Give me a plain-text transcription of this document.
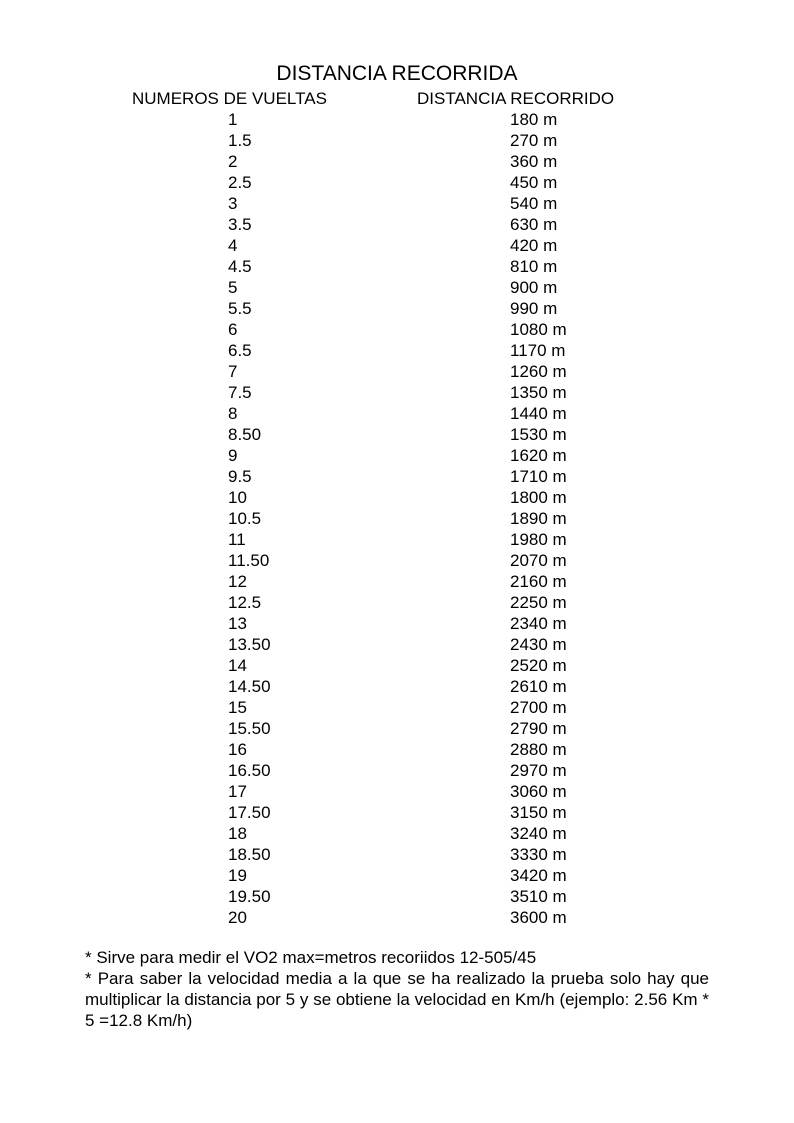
DISTANCIA RECORRIDA
NUMEROS DE VUELTAS	DISTANCIA RECORRIDO
1	180 m
1.5	270 m
2	360 m
2.5	450 m
3	540 m
3.5	630 m
4	420 m
4.5	810 m
5	900 m
5.5	990 m
6	1080 m
6.5	1170 m
7	1260 m
7.5	1350 m
8	1440 m
8.50	1530 m
9	1620 m
9.5	1710 m
10	1800 m
10.5	1890 m
11	1980 m
11.50	2070 m
12	2160 m
12.5	2250 m
13	2340 m
13.50	2430 m
14	2520 m
14.50	2610 m
15	2700 m
15.50	2790 m
16	2880 m
16.50	2970 m
17	3060 m
17.50	3150 m
18	3240 m
18.50	3330 m
19	3420 m
19.50	3510 m
20	3600 m

* Sirve para medir el VO2 max=metros recoriidos 12-505/45

* Para saber la velocidad media a la que se ha realizado la prueba solo hay que multiplicar la distancia por 5 y se obtiene la velocidad en Km/h (ejemplo: 2.56 Km * 5 =12.8 Km/h)
